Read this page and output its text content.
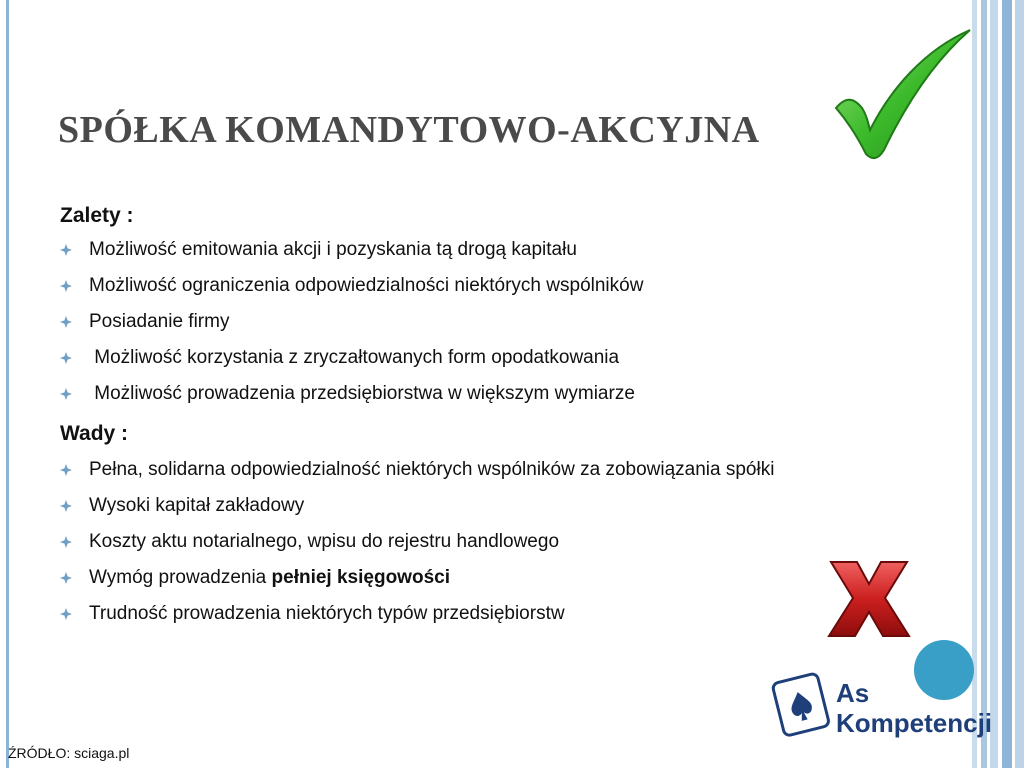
SPÓŁKA KOMANDYTOWO-AKCYJNA
Zalety :
Możliwość emitowania akcji i pozyskania tą drogą kapitału
Możliwość ograniczenia odpowiedzialności niektórych wspólników
Posiadanie firmy
Możliwość korzystania z zryczałtowanych form opodatkowania
Możliwość prowadzenia przedsiębiorstwa w większym wymiarze
Wady :
Pełna, solidarna odpowiedzialność niektórych wspólników za zobowiązania spółki
Wysoki kapitał zakładowy
Koszty aktu notarialnego, wpisu do rejestru handlowego
Wymóg prowadzenia pełniej księgowości
Trudność prowadzenia niektórych typów przedsiębiorstw
As
Kompetencji
ŹRÓDŁO: sciaga.pl
